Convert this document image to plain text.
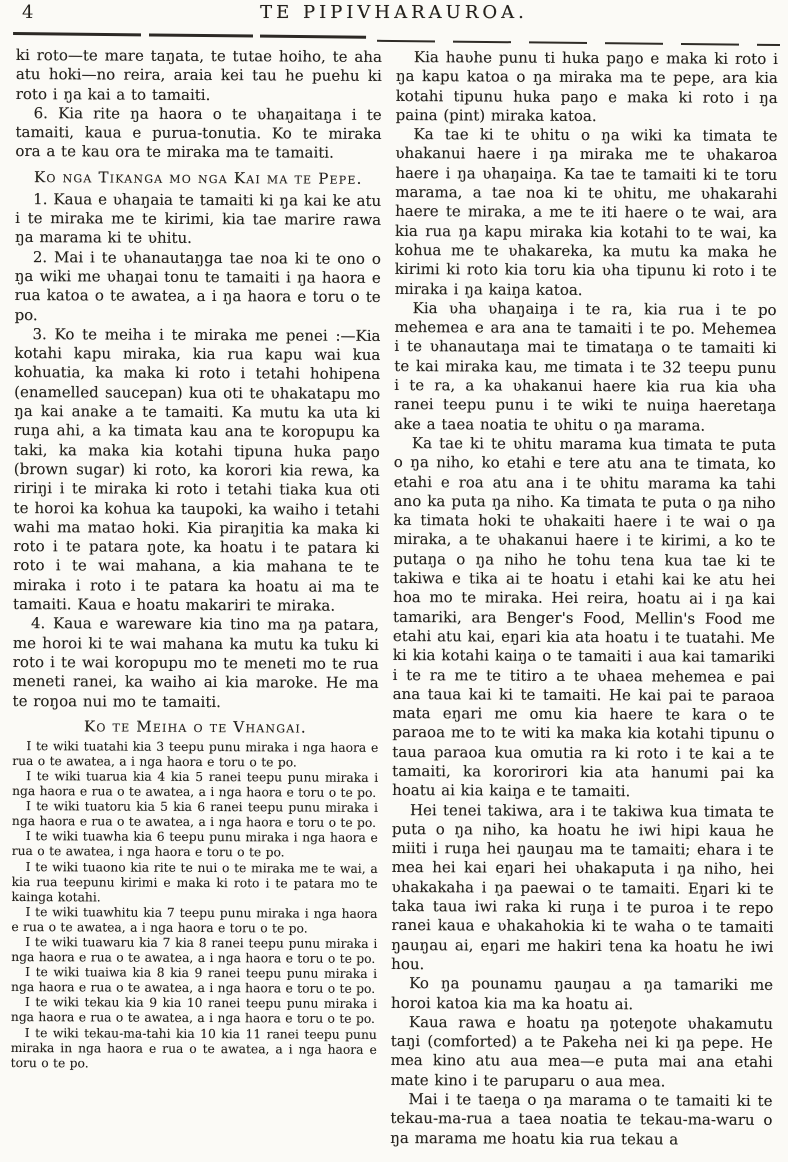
4	TE PIPIVHARAUROA.

ki roto—te mare taŋata, te tutae hoiho, te aha atu hoki—no reira, araia kei tau he puehu ki roto i ŋa kai a to tamaiti.

6. Kia rite ŋa haora o te ʋhaŋaitaŋa i te tamaiti, kaua e purua-tonutia. Ko te miraka ora a te kau ora te miraka ma te tamaiti.

Ko nga Tikanga mo nga Kai ma te Pepe.

1. Kaua e ʋhaŋaia te tamaiti ki ŋa kai ke atu i te miraka me te kirimi, kia tae marire rawa ŋa marama ki te ʋhitu.

2. Mai i te ʋhanautaŋga tae noa ki te ono o ŋa wiki me ʋhaŋai tonu te tamaiti i ŋa haora e rua katoa o te awatea, a i ŋa haora e toru o te po.

3. Ko te meiha i te miraka me penei :—Kia kotahi kapu miraka, kia rua kapu wai kua kohuatia, ka maka ki roto i tetahi hohipena (enamelled saucepan) kua oti te ʋhakatapu mo ŋa kai anake a te tamaiti. Ka mutu ka uta ki ruŋa ahi, a ka timata kau ana te koropupu ka taki, ka maka kia kotahi tipuna huka paŋo (brown sugar) ki roto, ka korori kia rewa, ka ririŋi i te miraka ki roto i tetahi tiaka kua oti te horoi ka kohua ka taupoki, ka waiho i tetahi wahi ma matao hoki. Kia piraŋitia ka maka ki roto i te patara ŋote, ka hoatu i te patara ki roto i te wai mahana, a kia mahana te te miraka i roto i te patara ka hoatu ai ma te tamaiti. Kaua e hoatu makariri te miraka.

4. Kaua e wareware kia tino ma ŋa patara, me horoi ki te wai mahana ka mutu ka tuku ki roto i te wai koropupu mo te meneti mo te rua meneti ranei, ka waiho ai kia maroke. He ma te roŋoa nui mo te tamaiti.

Ko te Meiha o te Vhangai.

I te wiki tuatahi kia 3 teepu punu miraka i nga haora e rua o te awatea, a i nga haora e toru o te po.

I te wiki tuarua kia 4 kia 5 ranei teepu punu miraka i nga haora e rua o te awatea, a i nga haora e toru o te po.

I te wiki tuatoru kia 5 kia 6 ranei teepu punu miraka i nga haora e rua o te awatea, a i nga haora e toru o te po.

I te wiki tuawha kia 6 teepu punu miraka i nga haora e rua o te awatea, i nga haora e toru o te po.

I te wiki tuaono kia rite te nui o te miraka me te wai, a kia rua teepunu kirimi e maka ki roto i te patara mo te kainga kotahi.

I te wiki tuawhitu kia 7 teepu punu miraka i nga haora e rua o te awatea, a i nga haora e toru o te po.

I te wiki tuawaru kia 7 kia 8 ranei teepu punu miraka i nga haora e rua o te awatea, a i nga haora e toru o te po.

I te wiki tuaiwa kia 8 kia 9 ranei teepu punu miraka i nga haora e rua o te awatea, a i nga haora e toru o te po.

I te wiki tekau kia 9 kia 10 ranei teepu punu miraka i nga haora e rua o te awatea, a i nga haora e toru o te po.

I te wiki tekau-ma-tahi kia 10 kia 11 ranei teepu punu miraka in nga haora e rua o te awatea, a i nga haora e toru o te po.

Kia haʋhe punu ti huka paŋo e maka ki roto i ŋa kapu katoa o ŋa miraka ma te pepe, ara kia kotahi tipunu huka paŋo e maka ki roto i ŋa paina (pint) miraka katoa.

Ka tae ki te ʋhitu o ŋa wiki ka timata te ʋhakanui haere i ŋa miraka me te ʋhakaroa haere i ŋa ʋhaŋaiŋa. Ka tae te tamaiti ki te toru marama, a tae noa ki te ʋhitu, me ʋhakarahi haere te miraka, a me te iti haere o te wai, ara kia rua ŋa kapu miraka kia kotahi to te wai, ka kohua me te ʋhakareka, ka mutu ka maka he kirimi ki roto kia toru kia ʋha tipunu ki roto i te miraka i ŋa kaiŋa katoa.

Kia ʋha ʋhaŋaiŋa i te ra, kia rua i te po mehemea e ara ana te tamaiti i te po. Mehemea i te ʋhanautaŋa mai te timataŋa o te tamaiti ki te kai miraka kau, me timata i te 32 teepu punu i te ra, a ka ʋhakanui haere kia rua kia ʋha ranei teepu punu i te wiki te nuiŋa haeretaŋa ake a taea noatia te ʋhitu o ŋa marama.

Ka tae ki te ʋhitu marama kua timata te puta o ŋa niho, ko etahi e tere atu ana te timata, ko etahi e roa atu ana i te ʋhitu marama ka tahi ano ka puta ŋa niho. Ka timata te puta o ŋa niho ka timata hoki te ʋhakaiti haere i te wai o ŋa miraka, a te ʋhakanui haere i te kirimi, a ko te putaŋa o ŋa niho he tohu tena kua tae ki te takiwa e tika ai te hoatu i etahi kai ke atu hei hoa mo te miraka. Hei reira, hoatu ai i ŋa kai tamariki, ara Benger's Food, Mellin's Food me etahi atu kai, eŋari kia ata hoatu i te tuatahi. Me ki kia kotahi kaiŋa o te tamaiti i aua kai tamariki i te ra me te titiro a te ʋhaea mehemea e pai ana taua kai ki te tamaiti. He kai pai te paraoa mata eŋari me omu kia haere te kara o te paraoa me to te witi ka maka kia kotahi tipunu o taua paraoa kua omutia ra ki roto i te kai a te tamaiti, ka kororirori kia ata hanumi pai ka hoatu ai kia kaiŋa e te tamaiti.

Hei tenei takiwa, ara i te takiwa kua timata te puta o ŋa niho, ka hoatu he iwi hipi kaua he miiti i ruŋa hei ŋauŋau ma te tamaiti; ehara i te mea hei kai eŋari hei ʋhakaputa i ŋa niho, hei ʋhakakaha i ŋa paewai o te tamaiti. Eŋari ki te taka taua iwi raka ki ruŋa i te puroa i te repo ranei kaua e ʋhakahokia ki te waha o te tamaiti ŋauŋau ai, eŋari me hakiri tena ka hoatu he iwi hou.

Ko ŋa pounamu ŋauŋau a ŋa tamariki me horoi katoa kia ma ka hoatu ai.

Kaua rawa e hoatu ŋa ŋoteŋote ʋhakamutu taŋi (comforted) a te Pakeha nei ki ŋa pepe. He mea kino atu aua mea—e puta mai ana etahi mate kino i te paruparu o aua mea.

Mai i te taeŋa o ŋa marama o te tamaiti ki te tekau-ma-rua a taea noatia te tekau-ma-waru o ŋa marama me hoatu kia rua tekau a
